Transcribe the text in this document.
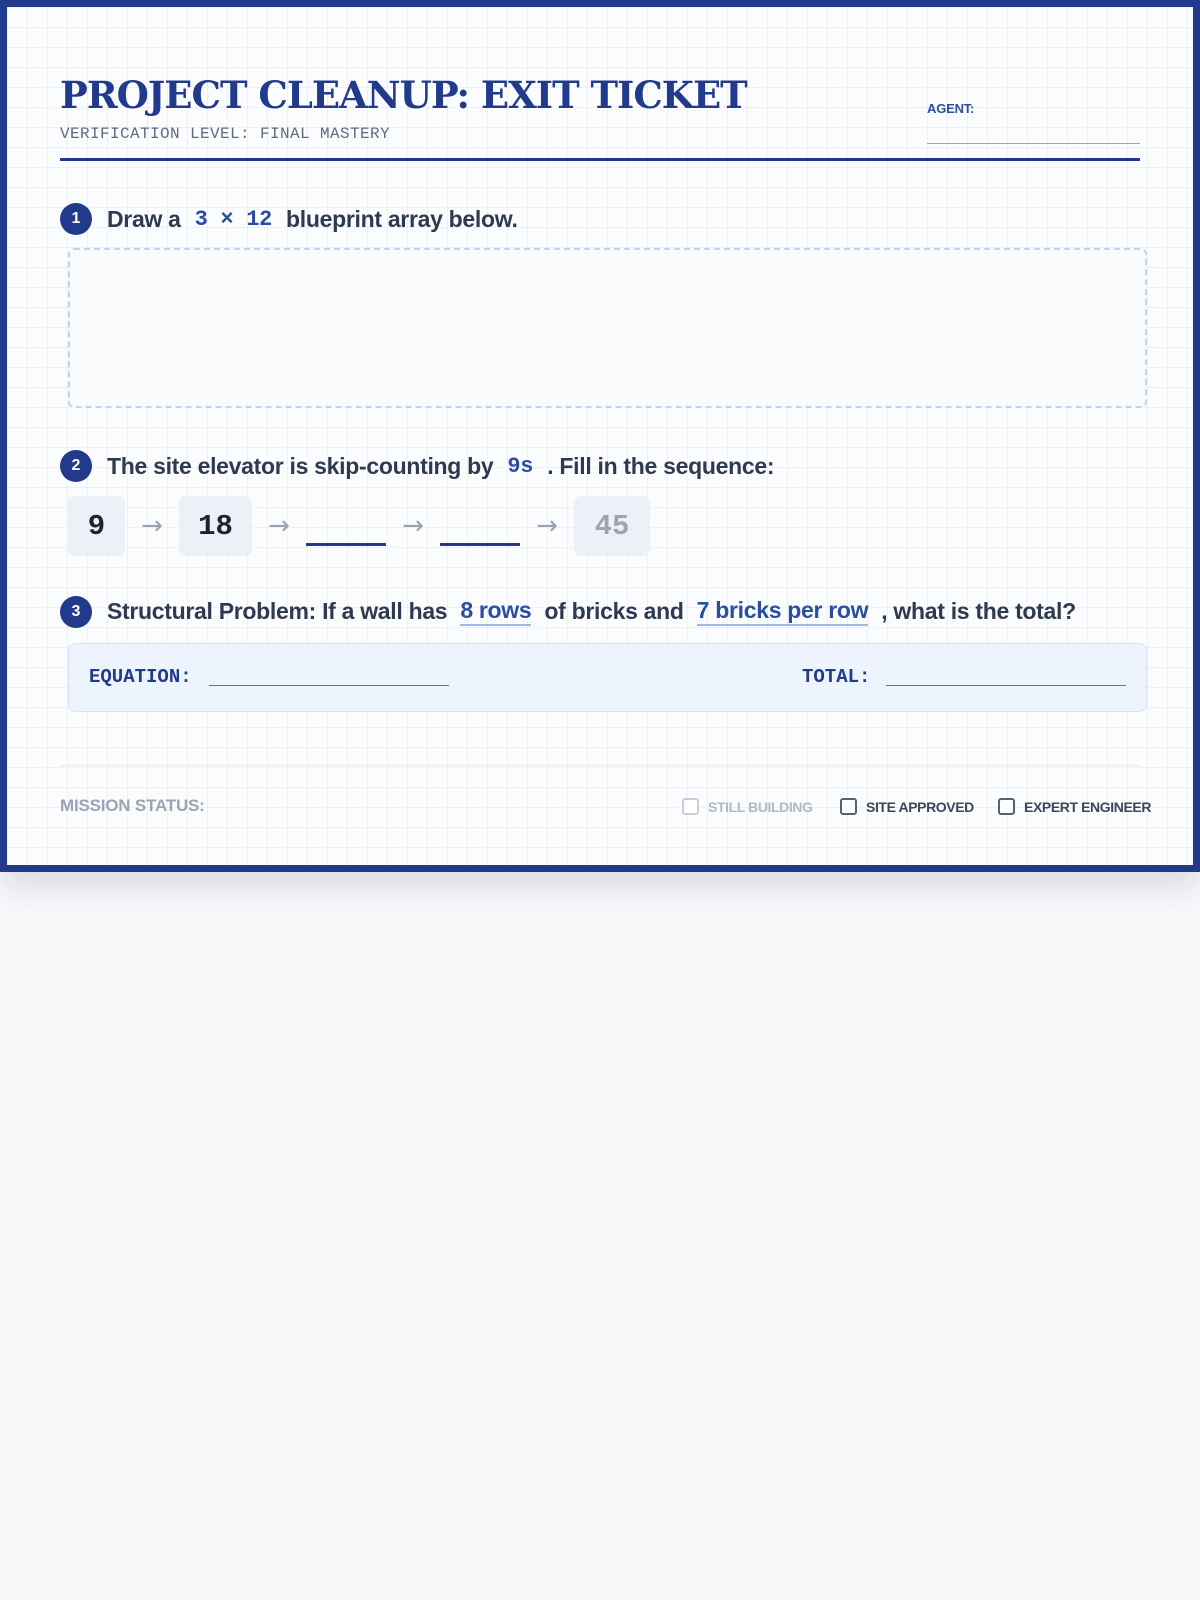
PROJECT CLEANUP: EXIT TICKET
VERIFICATION LEVEL: FINAL MASTERY
AGENT:
1	Draw a 3 × 12 blueprint array below.
2	The site elevator is skip-counting by 9s . Fill in the sequence:
9	→	18	→	→	→	45
3	Structural Problem: If a wall has 8 rows of bricks and 7 bricks per row , what is the total?
EQUATION:	TOTAL:
MISSION STATUS:	STILL BUILDING	SITE APPROVED	EXPERT ENGINEER
